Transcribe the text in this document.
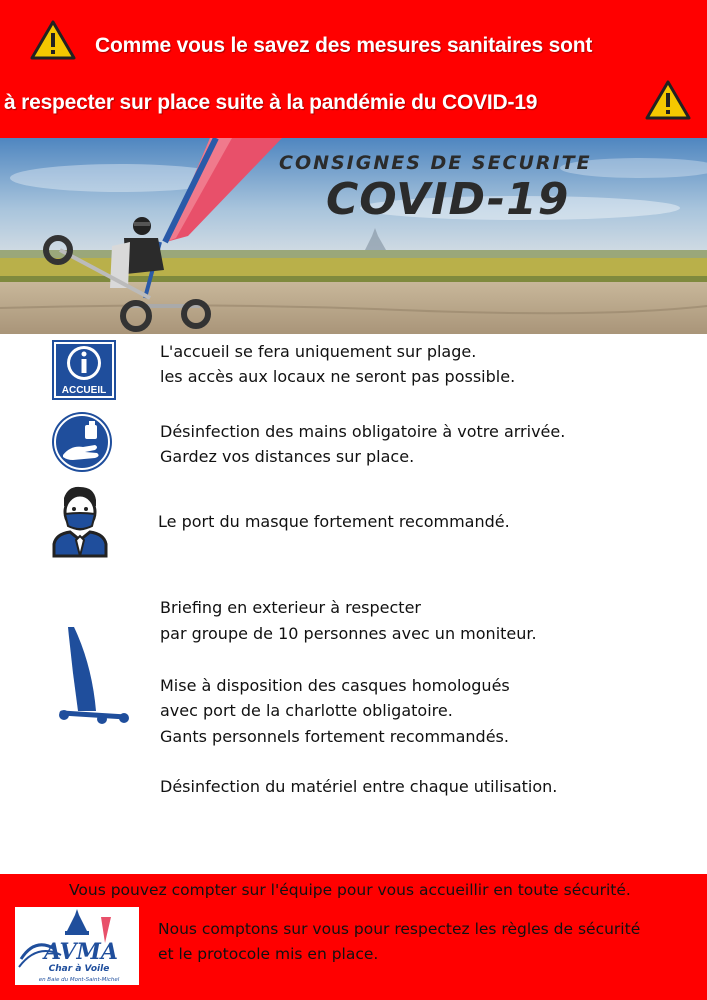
Comme vous le savez des mesures sanitaires sont
à respecter sur place suite à la pandémie du COVID-19
CONSIGNES DE SECURITE
COVID-19
ACCUEIL
L'accueil se fera uniquement sur plage.
les accès aux locaux ne seront pas possible.
Désinfection des mains obligatoire à votre arrivée.
Gardez vos distances sur place.
Le port du masque fortement recommandé.
Briefing en exterieur à respecter
par groupe de 10 personnes avec un moniteur.
Mise à disposition des casques homologués
avec port de la charlotte obligatoire.
Gants personnels fortement recommandés.
Désinfection du matériel entre chaque utilisation.
Vous pouvez compter sur l'équipe pour vous accueillir en toute sécurité.
Nous comptons sur vous pour respectez les règles de sécurité
et le protocole mis en place.
AVMA
Char à Voile
en Baie du Mont-Saint-Michel
